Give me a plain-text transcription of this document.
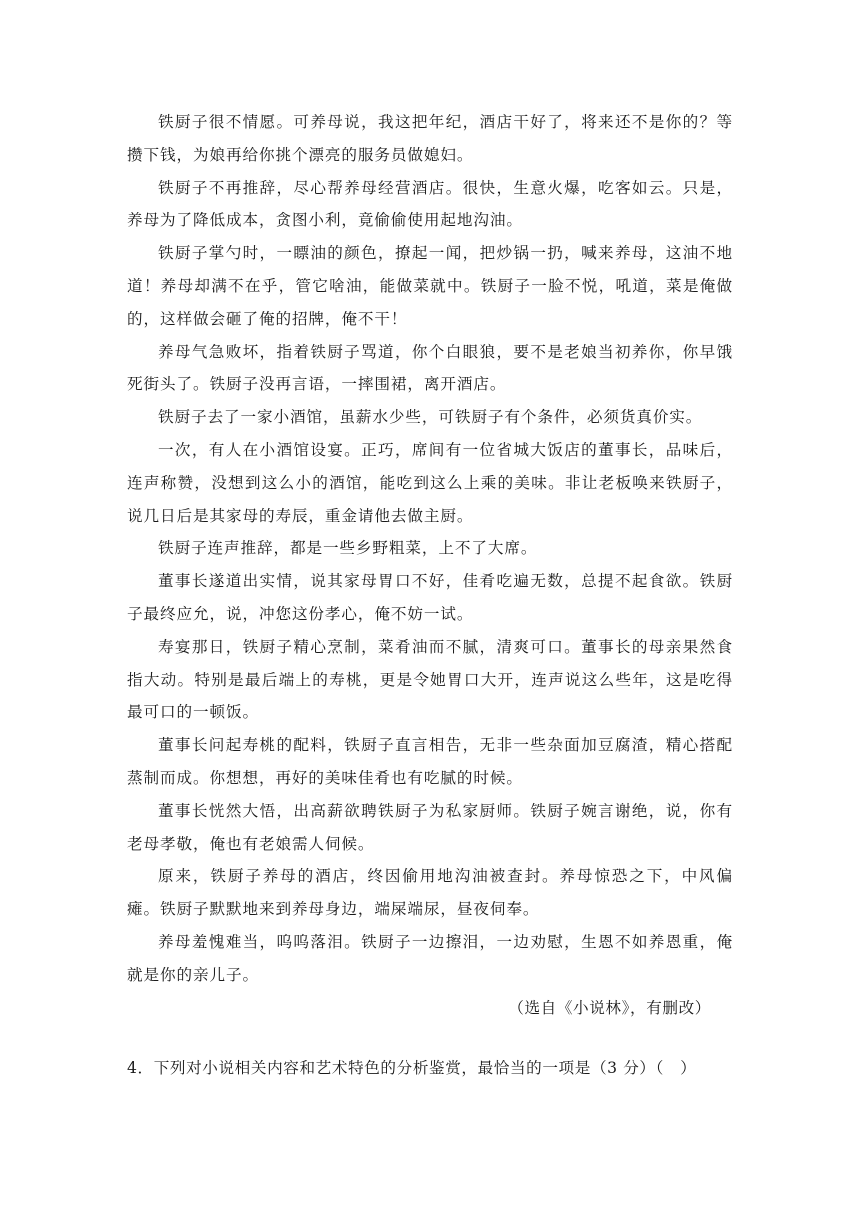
铁厨子很不情愿。可养母说，我这把年纪，酒店干好了，将来还不是你的？等攒下钱，为娘再给你挑个漂亮的服务员做媳妇。

铁厨子不再推辞，尽心帮养母经营酒店。很快，生意火爆，吃客如云。只是，养母为了降低成本，贪图小利，竟偷偷使用起地沟油。

铁厨子掌勺时，一瞟油的颜色，撩起一闻，把炒锅一扔，喊来养母，这油不地道！养母却满不在乎，管它啥油，能做菜就中。铁厨子一脸不悦，吼道，菜是俺做的，这样做会砸了俺的招牌，俺不干！

养母气急败坏，指着铁厨子骂道，你个白眼狼，要不是老娘当初养你，你早饿死街头了。铁厨子没再言语，一摔围裙，离开酒店。

铁厨子去了一家小酒馆，虽薪水少些，可铁厨子有个条件，必须货真价实。

一次，有人在小酒馆设宴。正巧，席间有一位省城大饭店的董事长，品味后，连声称赞，没想到这么小的酒馆，能吃到这么上乘的美味。非让老板唤来铁厨子，说几日后是其家母的寿辰，重金请他去做主厨。

铁厨子连声推辞，都是一些乡野粗菜，上不了大席。

董事长遂道出实情，说其家母胃口不好，佳肴吃遍无数，总提不起食欲。铁厨子最终应允，说，冲您这份孝心，俺不妨一试。

寿宴那日，铁厨子精心烹制，菜肴油而不腻，清爽可口。董事长的母亲果然食指大动。特别是最后端上的寿桃，更是令她胃口大开，连声说这么些年，这是吃得最可口的一顿饭。

董事长问起寿桃的配料，铁厨子直言相告，无非一些杂面加豆腐渣，精心搭配蒸制而成。你想想，再好的美味佳肴也有吃腻的时候。

董事长恍然大悟，出高薪欲聘铁厨子为私家厨师。铁厨子婉言谢绝，说，你有老母孝敬，俺也有老娘需人伺候。

原来，铁厨子养母的酒店，终因偷用地沟油被查封。养母惊恐之下，中风偏瘫。铁厨子默默地来到养母身边，端屎端尿，昼夜伺奉。

养母羞愧难当，呜呜落泪。铁厨子一边擦泪，一边劝慰，生恩不如养恩重，俺就是你的亲儿子。

（选自《小说林》，有删改）

4．下列对小说相关内容和艺术特色的分析鉴赏，最恰当的一项是（3 分）（　）
